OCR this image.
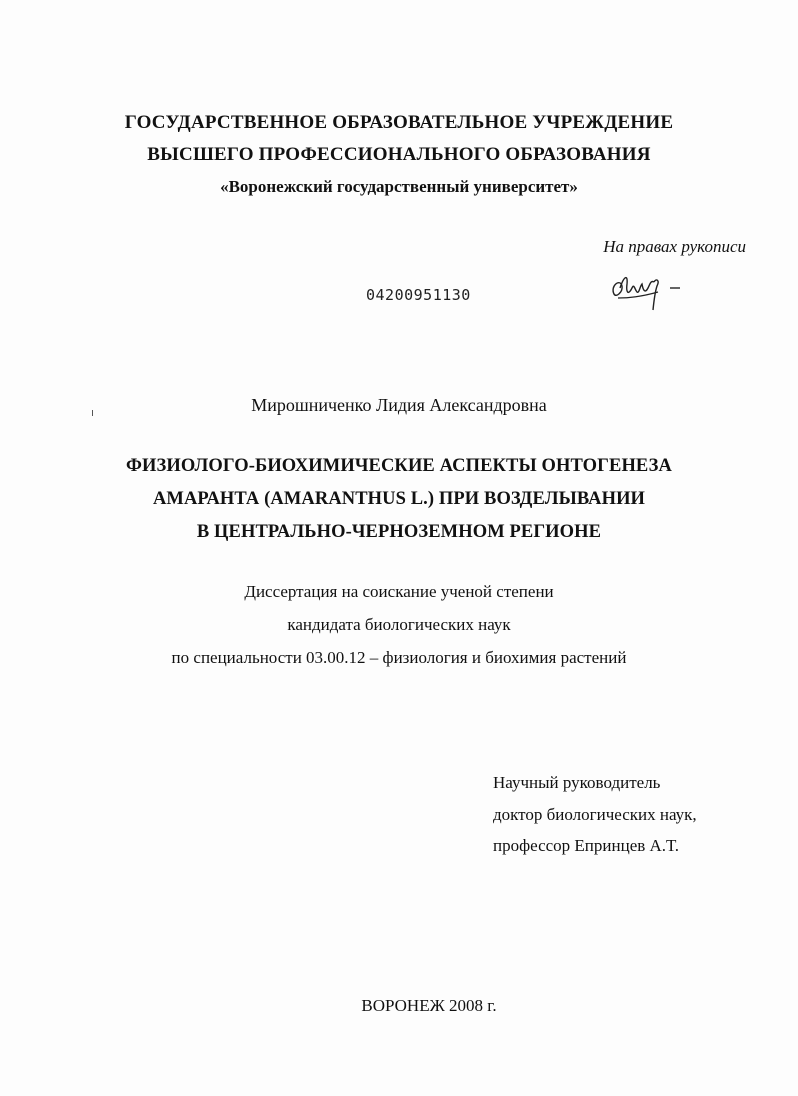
ГОСУДАРСТВЕННОЕ ОБРАЗОВАТЕЛЬНОЕ УЧРЕЖДЕНИЕ
ВЫСШЕГО ПРОФЕССИОНАЛЬНОГО ОБРАЗОВАНИЯ
«Воронежский государственный университет»
На правах рукописи
04200951130
Мирошниченко Лидия Александровна
ФИЗИОЛОГО-БИОХИМИЧЕСКИЕ АСПЕКТЫ ОНТОГЕНЕЗА
АМАРАНТА (AMARANTHUS L.) ПРИ ВОЗДЕЛЫВАНИИ
В ЦЕНТРАЛЬНО-ЧЕРНОЗЕМНОМ РЕГИОНЕ
Диссертация на соискание ученой степени
кандидата биологических наук
по специальности 03.00.12 – физиология и биохимия растений
Научный руководитель
доктор биологических наук,
профессор Епринцев А.Т.
ВОРОНЕЖ 2008 г.
